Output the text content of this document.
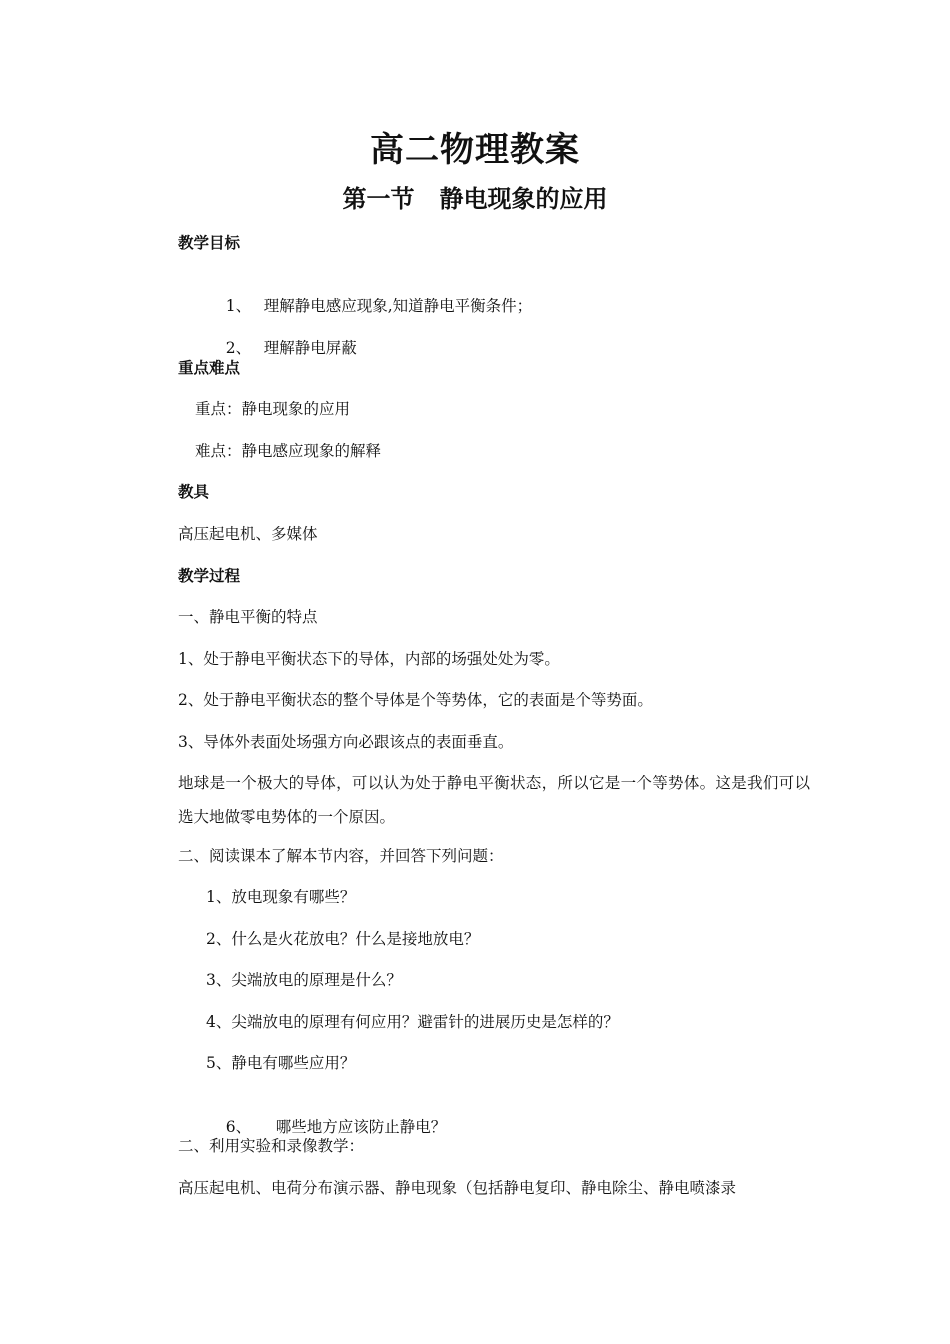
高二物理教案
第一节   静电现象的应用
教学目标

1、 理解静电感应现象,知道静电平衡条件；

2、 理解静电屏蔽

重点难点
重点：静电现象的应用
难点：静电感应现象的解释
教具
高压起电机、多媒体
教学过程
一、静电平衡的特点
1、处于静电平衡状态下的导体，内部的场强处处为零。
2、处于静电平衡状态的整个导体是个等势体，它的表面是个等势面。
3、导体外表面处场强方向必跟该点的表面垂直。
地球是一个极大的导体，可以认为处于静电平衡状态，所以它是一个等势体。这是我们可以选大地做零电势体的一个原因。
二、阅读课本了解本节内容，并回答下列问题：
1、放电现象有哪些？
2、什么是火花放电？什么是接地放电？
3、尖端放电的原理是什么？
4、尖端放电的原理有何应用？避雷针的进展历史是怎样的？
5、静电有哪些应用？

6、 哪些地方应该防止静电？

二、利用实验和录像教学：
高压起电机、电荷分布演示器、静电现象（包括静电复印、静电除尘、静电喷漆录
